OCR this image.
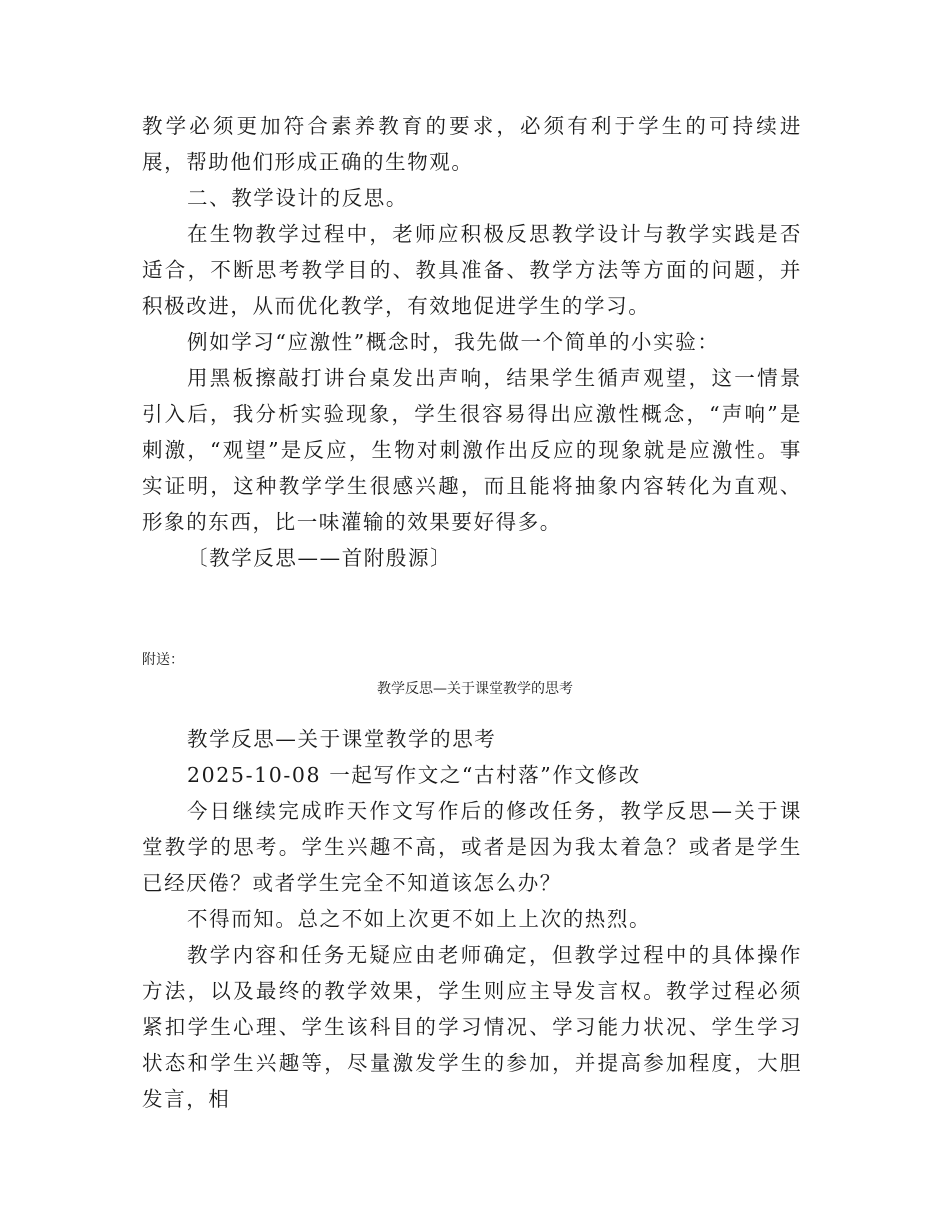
教学必须更加符合素养教育的要求，必须有利于学生的可持续进展，帮助他们形成正确的生物观。

二、教学设计的反思。

在生物教学过程中，老师应积极反思教学设计与教学实践是否适合，不断思考教学目的、教具准备、教学方法等方面的问题，并积极改进，从而优化教学，有效地促进学生的学习。

例如学习“应激性”概念时，我先做一个简单的小实验：

用黑板擦敲打讲台桌发出声响，结果学生循声观望，这一情景引入后，我分析实验现象，学生很容易得出应激性概念，“声响”是刺激，“观望”是反应，生物对刺激作出反应的现象就是应激性。事实证明，这种教学学生很感兴趣，而且能将抽象内容转化为直观、形象的东西，比一味灌输的效果要好得多。

〔教学反思——首附殷源〕

附送：

教学反思—关于课堂教学的思考

教学反思—关于课堂教学的思考

2025-10-08 一起写作文之“古村落”作文修改

今日继续完成昨天作文写作后的修改任务，教学反思—关于课堂教学的思考。学生兴趣不高，或者是因为我太着急？或者是学生已经厌倦？或者学生完全不知道该怎么办？

不得而知。总之不如上次更不如上上次的热烈。

教学内容和任务无疑应由老师确定，但教学过程中的具体操作方法，以及最终的教学效果，学生则应主导发言权。教学过程必须紧扣学生心理、学生该科目的学习情况、学习能力状况、学生学习状态和学生兴趣等，尽量激发学生的参加，并提高参加程度，大胆发言，相
